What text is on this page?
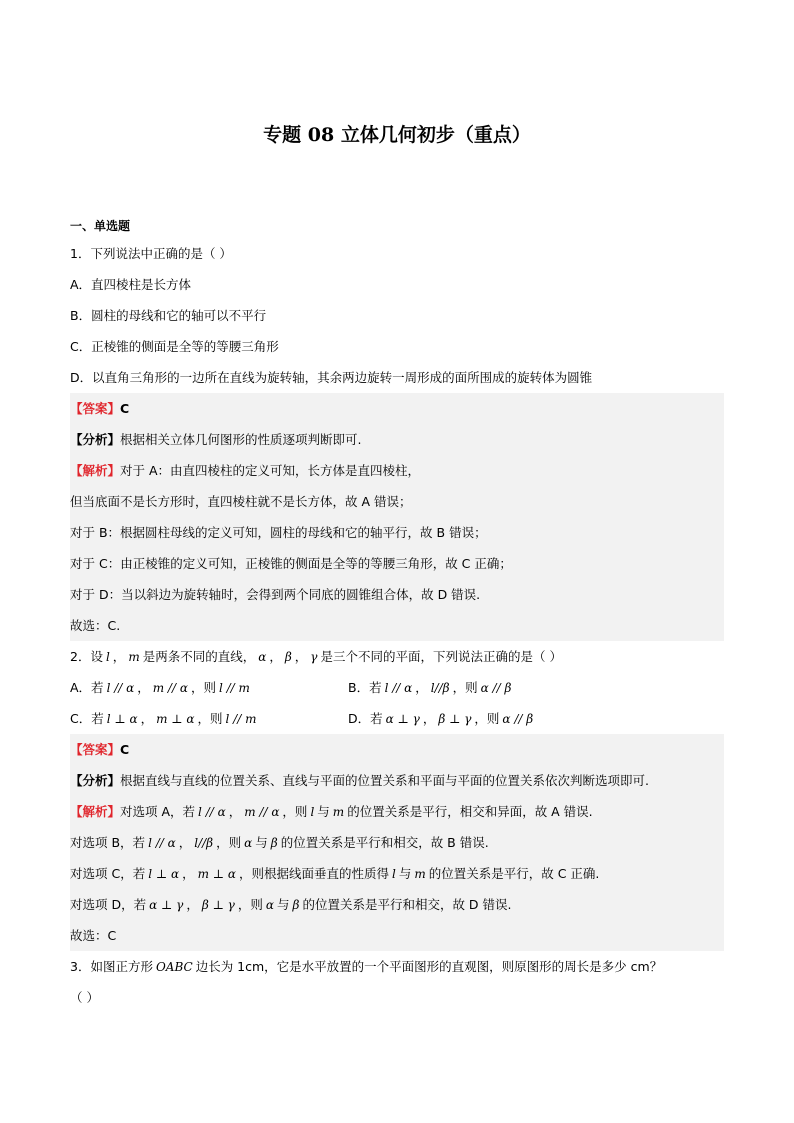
专题 08 立体几何初步（重点）
一、单选题
1．下列说法中正确的是（ ）
A．直四棱柱是长方体
B．圆柱的母线和它的轴可以不平行
C．正棱锥的侧面是全等的等腰三角形
D．以直角三角形的一边所在直线为旋转轴，其余两边旋转一周形成的面所围成的旋转体为圆锥
【答案】 C
【分析】 根据相关立体几何图形的性质逐项判断即可.
【解析】 对于 A：由直四棱柱的定义可知，长方体是直四棱柱，
但当底面不是长方形时，直四棱柱就不是长方体，故 A 错误；
对于 B：根据圆柱母线的定义可知，圆柱的母线和它的轴平行，故 B 错误；
对于 C：由正棱锥的定义可知，正棱锥的侧面是全等的等腰三角形，故 C 正确；
对于 D：当以斜边为旋转轴时，会得到两个同底的圆锥组合体，故 D 错误.
故选：C.
2．设 l ， m 是两条不同的直线， α ， β ， γ 是三个不同的平面，下列说法正确的是（ ）
A．若 l // α ， m // α ，则 l // m	B．若 l // α ， l//β ，则 α // β
C．若 l ⊥ α ， m ⊥ α ，则 l // m	D．若 α ⊥ γ ， β ⊥ γ ，则 α // β
【答案】 C
【分析】 根据直线与直线的位置关系、直线与平面的位置关系和平面与平面的位置关系依次判断选项即可.
【解析】 对选项 A，若 l // α ， m // α ，则 l 与 m 的位置关系是平行，相交和异面，故 A 错误.
对选项 B，若 l // α ， l//β ，则 α 与 β 的位置关系是平行和相交，故 B 错误.
对选项 C，若 l ⊥ α ， m ⊥ α ，则根据线面垂直的性质得 l 与 m 的位置关系是平行，故 C 正确.
对选项 D，若 α ⊥ γ ， β ⊥ γ ，则 α 与 β 的位置关系是平行和相交，故 D 错误.
故选：C
3．如图正方形 OABC 边长为 1cm，它是水平放置的一个平面图形的直观图，则原图形的周长是多少 cm？
（ ）
